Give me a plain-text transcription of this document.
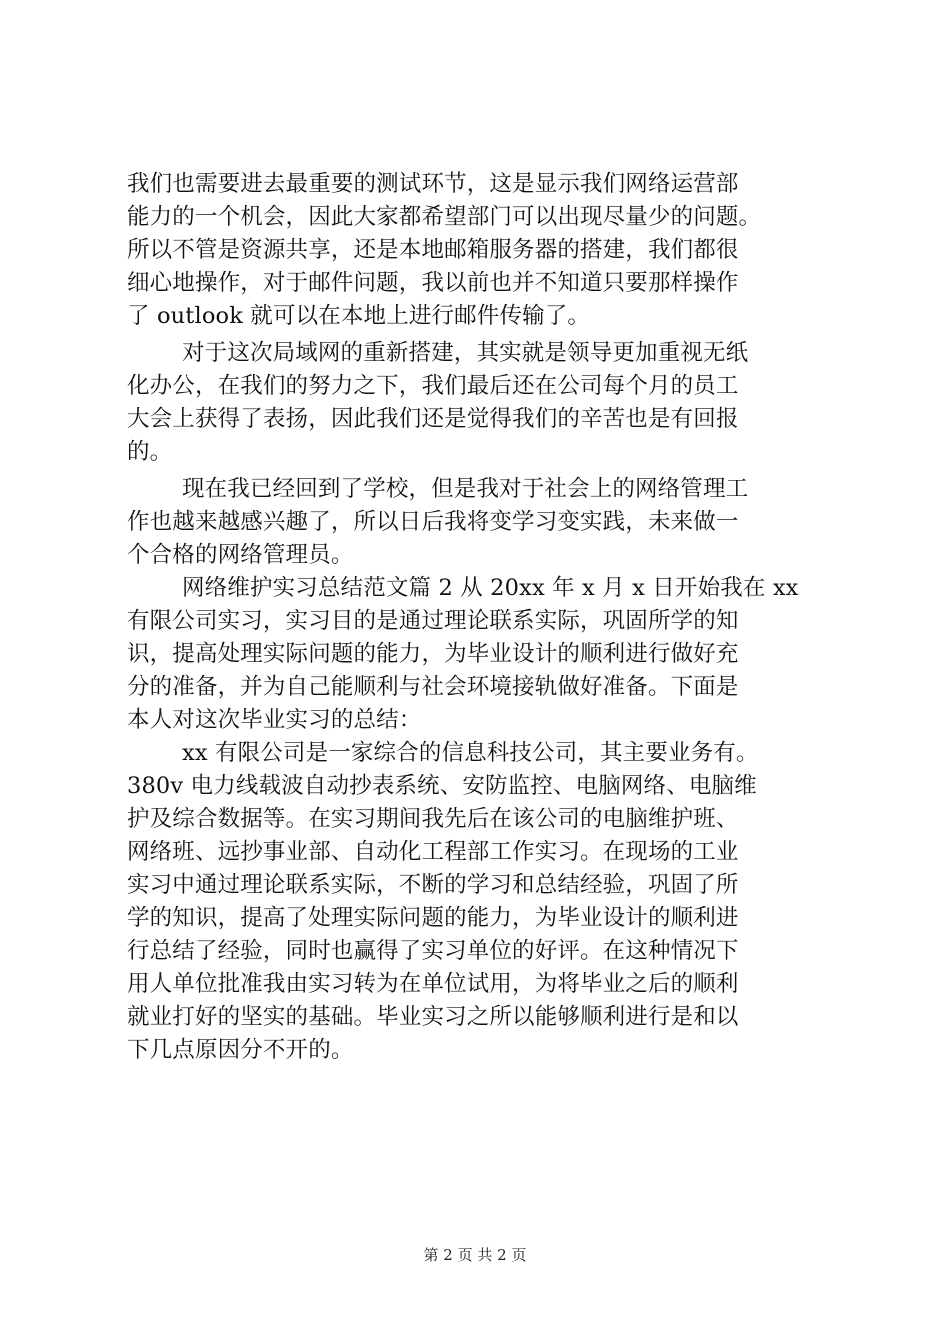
我们也需要进去最重要的测试环节，这是显示我们网络运营部
能力的一个机会，因此大家都希望部门可以出现尽量少的问题。
所以不管是资源共享，还是本地邮箱服务器的搭建，我们都很
细心地操作，对于邮件问题，我以前也并不知道只要那样操作
了 outlook 就可以在本地上进行邮件传输了。
对于这次局域网的重新搭建，其实就是领导更加重视无纸
化办公，在我们的努力之下，我们最后还在公司每个月的员工
大会上获得了表扬，因此我们还是觉得我们的辛苦也是有回报
的。
现在我已经回到了学校，但是我对于社会上的网络管理工
作也越来越感兴趣了，所以日后我将变学习变实践，未来做一
个合格的网络管理员。
网络维护实习总结范文篇 2 从 20xx 年 x 月 x 日开始我在 xx
有限公司实习，实习目的是通过理论联系实际，巩固所学的知
识，提高处理实际问题的能力，为毕业设计的顺利进行做好充
分的准备，并为自己能顺利与社会环境接轨做好准备。下面是
本人对这次毕业实习的总结：
xx 有限公司是一家综合的信息科技公司，其主要业务有。
380v 电力线载波自动抄表系统、安防监控、电脑网络、电脑维
护及综合数据等。在实习期间我先后在该公司的电脑维护班、
网络班、远抄事业部、自动化工程部工作实习。在现场的工业
实习中通过理论联系实际，不断的学习和总结经验，巩固了所
学的知识，提高了处理实际问题的能力，为毕业设计的顺利进
行总结了经验，同时也赢得了实习单位的好评。在这种情况下
用人单位批准我由实习转为在单位试用，为将毕业之后的顺利
就业打好的坚实的基础。毕业实习之所以能够顺利进行是和以
下几点原因分不开的。
第 2 页 共 2 页
